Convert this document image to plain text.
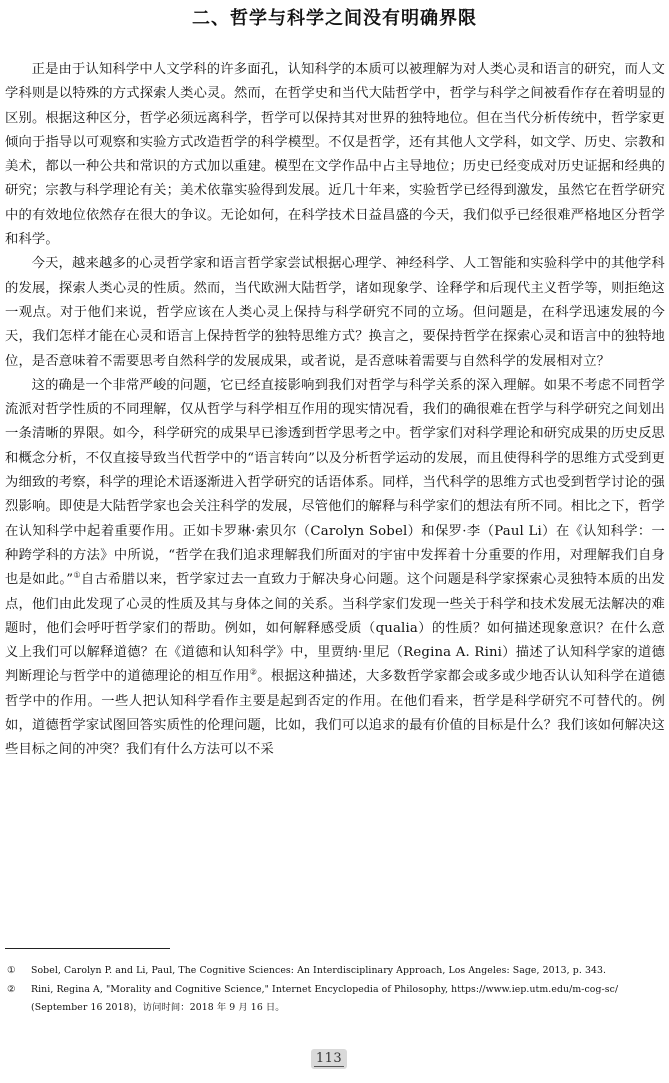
二、哲学与科学之间没有明确界限

正是由于认知科学中人文学科的许多面孔，认知科学的本质可以被理解为对人类心灵和语言的研究，而人文学科则是以特殊的方式探索人类心灵。然而，在哲学史和当代大陆哲学中，哲学与科学之间被看作存在着明显的区别。根据这种区分，哲学必须远离科学，哲学可以保持其对世界的独特地位。但在当代分析传统中，哲学家更倾向于指导以可观察和实验方式改造哲学的科学模型。不仅是哲学，还有其他人文学科，如文学、历史、宗教和美术，都以一种公共和常识的方式加以重建。模型在文学作品中占主导地位；历史已经变成对历史证据和经典的研究；宗教与科学理论有关；美术依靠实验得到发展。近几十年来，实验哲学已经得到激发，虽然它在哲学研究中的有效地位依然存在很大的争议。无论如何，在科学技术日益昌盛的今天，我们似乎已经很难严格地区分哲学和科学。

今天，越来越多的心灵哲学家和语言哲学家尝试根据心理学、神经科学、人工智能和实验科学中的其他学科的发展，探索人类心灵的性质。然而，当代欧洲大陆哲学，诸如现象学、诠释学和后现代主义哲学等，则拒绝这一观点。对于他们来说，哲学应该在人类心灵上保持与科学研究不同的立场。但问题是，在科学迅速发展的今天，我们怎样才能在心灵和语言上保持哲学的独特思维方式？换言之，要保持哲学在探索心灵和语言中的独特地位，是否意味着不需要思考自然科学的发展成果，或者说，是否意味着需要与自然科学的发展相对立？

这的确是一个非常严峻的问题，它已经直接影响到我们对哲学与科学关系的深入理解。如果不考虑不同哲学流派对哲学性质的不同理解，仅从哲学与科学相互作用的现实情况看，我们的确很难在哲学与科学研究之间划出一条清晰的界限。如今，科学研究的成果早已渗透到哲学思考之中。哲学家们对科学理论和研究成果的历史反思和概念分析，不仅直接导致当代哲学中的“语言转向”以及分析哲学运动的发展，而且使得科学的思维方式受到更为细致的考察，科学的理论术语逐渐进入哲学研究的话语体系。同样，当代科学的思维方式也受到哲学讨论的强烈影响。即使是大陆哲学家也会关注科学的发展，尽管他们的解释与科学家们的想法有所不同。相比之下，哲学在认知科学中起着重要作用。正如卡罗琳·索贝尔（Carolyn Sobel）和保罗·李（Paul Li）在《认知科学：一种跨学科的方法》中所说，“哲学在我们追求理解我们所面对的宇宙中发挥着十分重要的作用，对理解我们自身也是如此。”①自古希腊以来，哲学家过去一直致力于解决身心问题。这个问题是科学家探索心灵独特本质的出发点，他们由此发现了心灵的性质及其与身体之间的关系。当科学家们发现一些关于科学和技术发展无法解决的难题时，他们会呼吁哲学家们的帮助。例如，如何解释感受质（qualia）的性质？如何描述现象意识？在什么意义上我们可以解释道德？在《道德和认知科学》中，里贾纳·里尼（Regina A. Rini）描述了认知科学家的道德判断理论与哲学中的道德理论的相互作用②。根据这种描述，大多数哲学家都会或多或少地否认认知科学在道德哲学中的作用。一些人把认知科学看作主要是起到否定的作用。在他们看来，哲学是科学研究不可替代的。例如，道德哲学家试图回答实质性的伦理问题，比如，我们可以追求的最有价值的目标是什么？我们该如何解决这些目标之间的冲突？我们有什么方法可以不采

① Sobel, Carolyn P. and Li, Paul, The Cognitive Sciences: An Interdisciplinary Approach, Los Angeles: Sage, 2013, p. 343.

② Rini, Regina A, "Morality and Cognitive Science," Internet Encyclopedia of Philosophy, https://www.iep.utm.edu/m-cog-sc/ (September 16 2018)，访问时间：2018 年 9 月 16 日。

113
